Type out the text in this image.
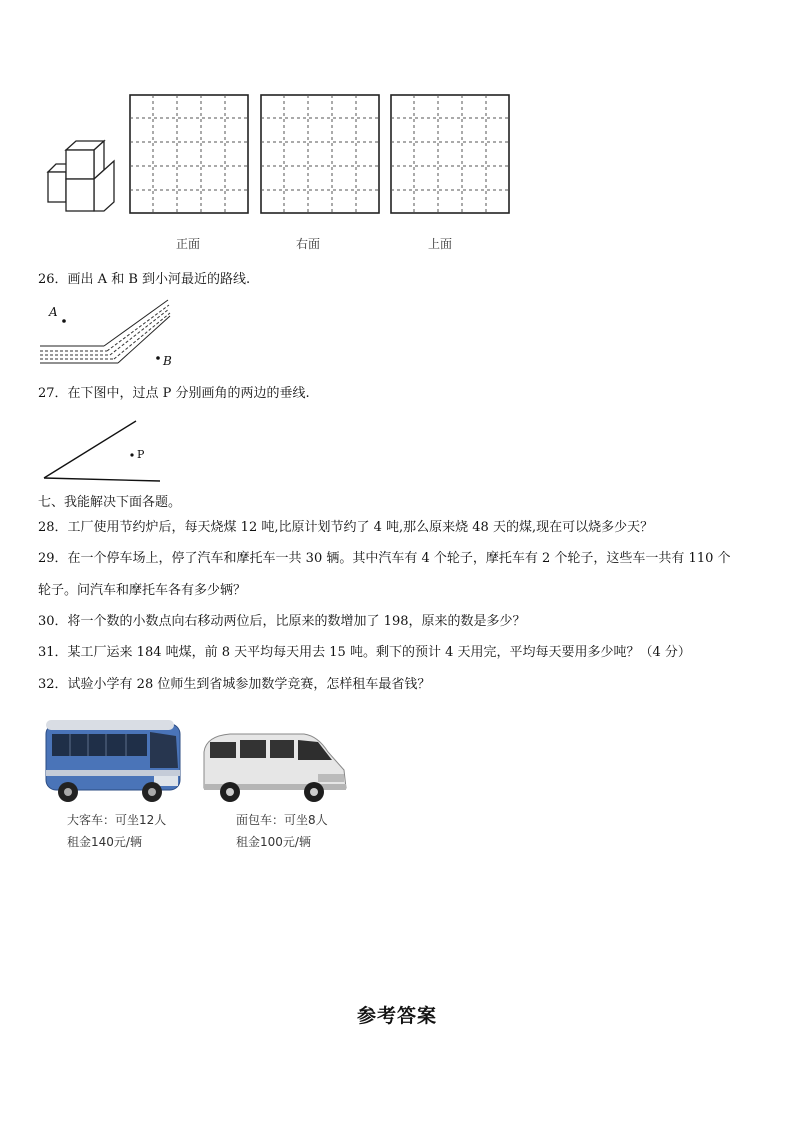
正面	右面	上面
26．画出 A 和 B 到小河最近的路线.
A
B
27．在下图中，过点 P 分别画角的两边的垂线.
P
七、我能解决下面各题。
28．工厂使用节约炉后，每天烧煤 12 吨,比原计划节约了 4 吨,那么原来烧 48 天的煤,现在可以烧多少天？
29．在一个停车场上，停了汽车和摩托车一共 30 辆。其中汽车有 4 个轮子，摩托车有 2 个轮子，这些车一共有 110 个
轮子。问汽车和摩托车各有多少辆？
30．将一个数的小数点向右移动两位后，比原来的数增加了 198，原来的数是多少？
31．某工厂运来 184 吨煤，前 8 天平均每天用去 15 吨。剩下的预计 4 天用完，平均每天要用多少吨？（4 分）
32．试验小学有 28 位师生到省城参加数学竞赛，怎样租车最省钱？
大客车：可坐12人
租金140元/辆
面包车：可坐8人
租金100元/辆
参考答案
